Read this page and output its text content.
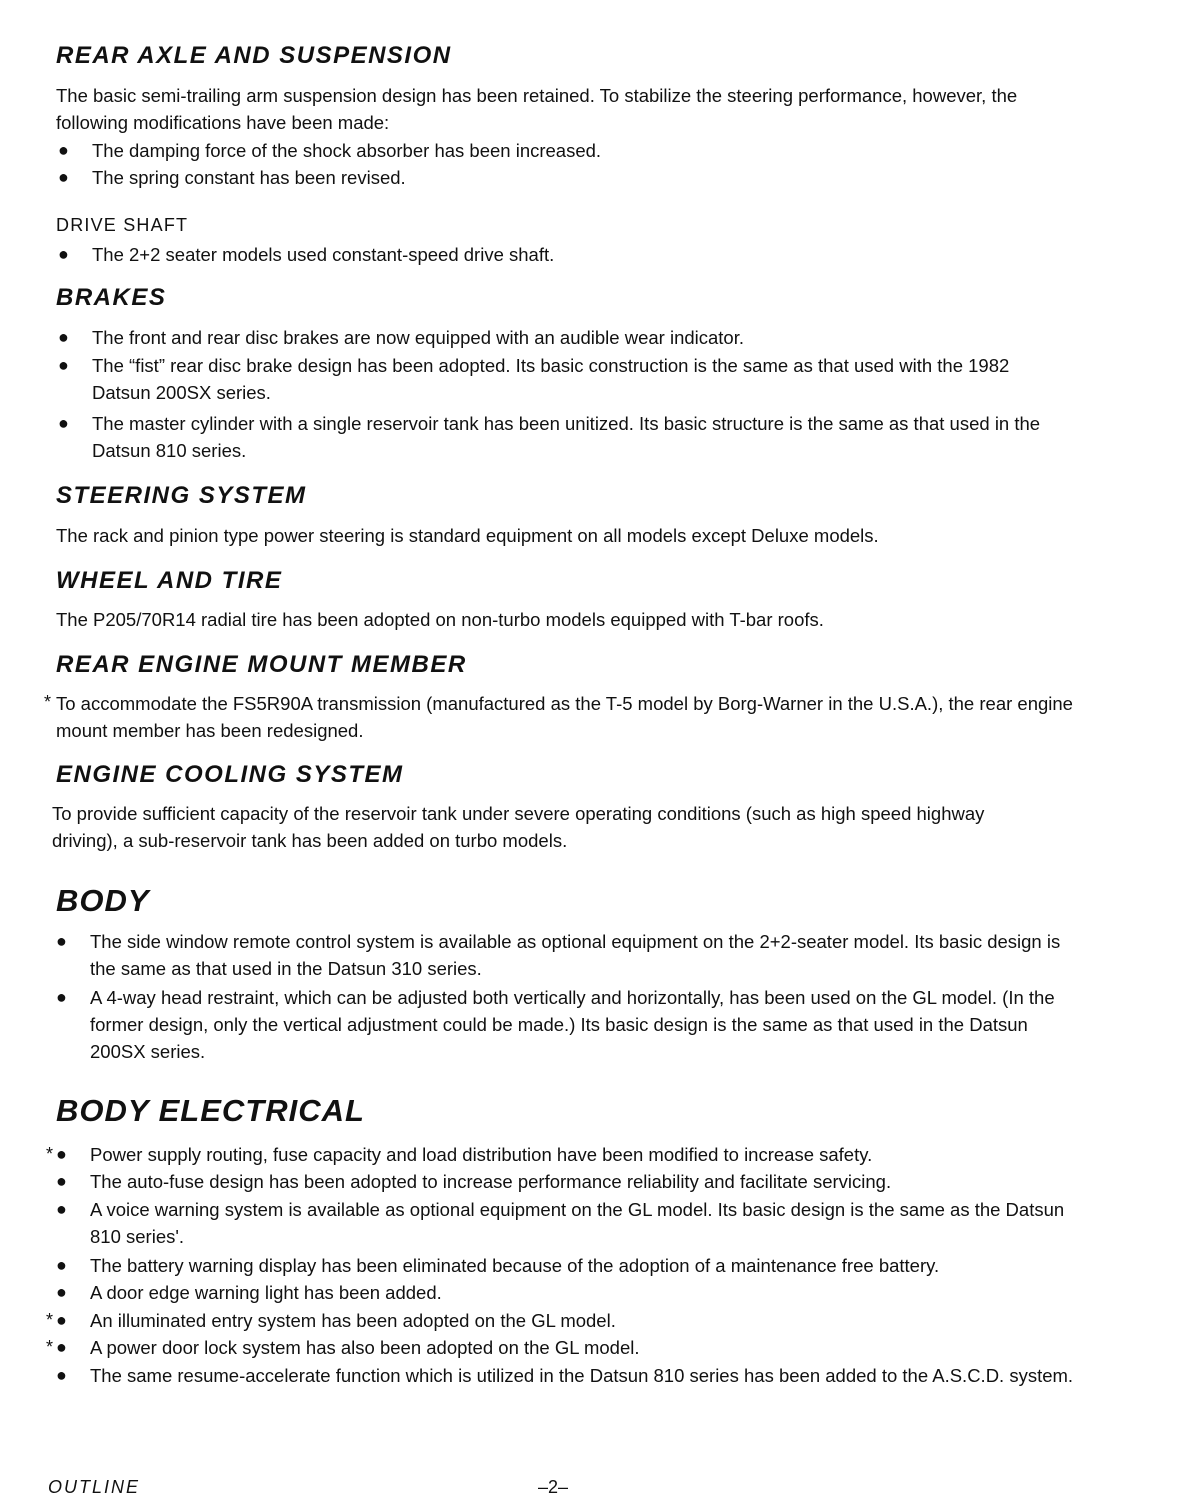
REAR AXLE AND SUSPENSION

The basic semi-trailing arm suspension design has been retained. To stabilize the steering performance, however, the following modifications have been made:

●	The damping force of the shock absorber has been increased.
●	The spring constant has been revised.
DRIVE SHAFT
●	The 2+2 seater models used constant-speed drive shaft.
BRAKES
●	The front and rear disc brakes are now equipped with an audible wear indicator.
●	The “fist” rear disc brake design has been adopted. Its basic construction is the same as that used with the 1982 Datsun 200SX series.
●	The master cylinder with a single reservoir tank has been unitized. Its basic structure is the same as that used in the Datsun 810 series.
STEERING SYSTEM

The rack and pinion type power steering is standard equipment on all models except Deluxe models.

WHEEL AND TIRE

The P205/70R14 radial tire has been adopted on non-turbo models equipped with T-bar roofs.

REAR ENGINE MOUNT MEMBER
* To accommodate the FS5R90A transmission (manufactured as the T-5 model by Borg-Warner in the U.S.A.), the rear engine mount member has been redesigned.

ENGINE COOLING SYSTEM

To provide sufficient capacity of the reservoir tank under severe operating conditions (such as high speed highway driving), a sub-reservoir tank has been added on turbo models.

BODY
●	The side window remote control system is available as optional equipment on the 2+2-seater model. Its basic design is the same as that used in the Datsun 310 series.
●	A 4-way head restraint, which can be adjusted both vertically and horizontally, has been used on the GL model. (In the former design, only the vertical adjustment could be made.) Its basic design is the same as that used in the Datsun 200SX series.
BODY ELECTRICAL
* ●	Power supply routing, fuse capacity and load distribution have been modified to increase safety.
●	The auto-fuse design has been adopted to increase performance reliability and facilitate servicing.
●	A voice warning system is available as optional equipment on the GL model. Its basic design is the same as the Datsun 810 series'.
●	The battery warning display has been eliminated because of the adoption of a maintenance free battery.
●	A door edge warning light has been added.
* ●	An illuminated entry system has been adopted on the GL model.
* ●	A power door lock system has also been adopted on the GL model.
●	The same resume-accelerate function which is utilized in the Datsun 810 series has been added to the A.S.C.D. system.
OUTLINE	–2–
